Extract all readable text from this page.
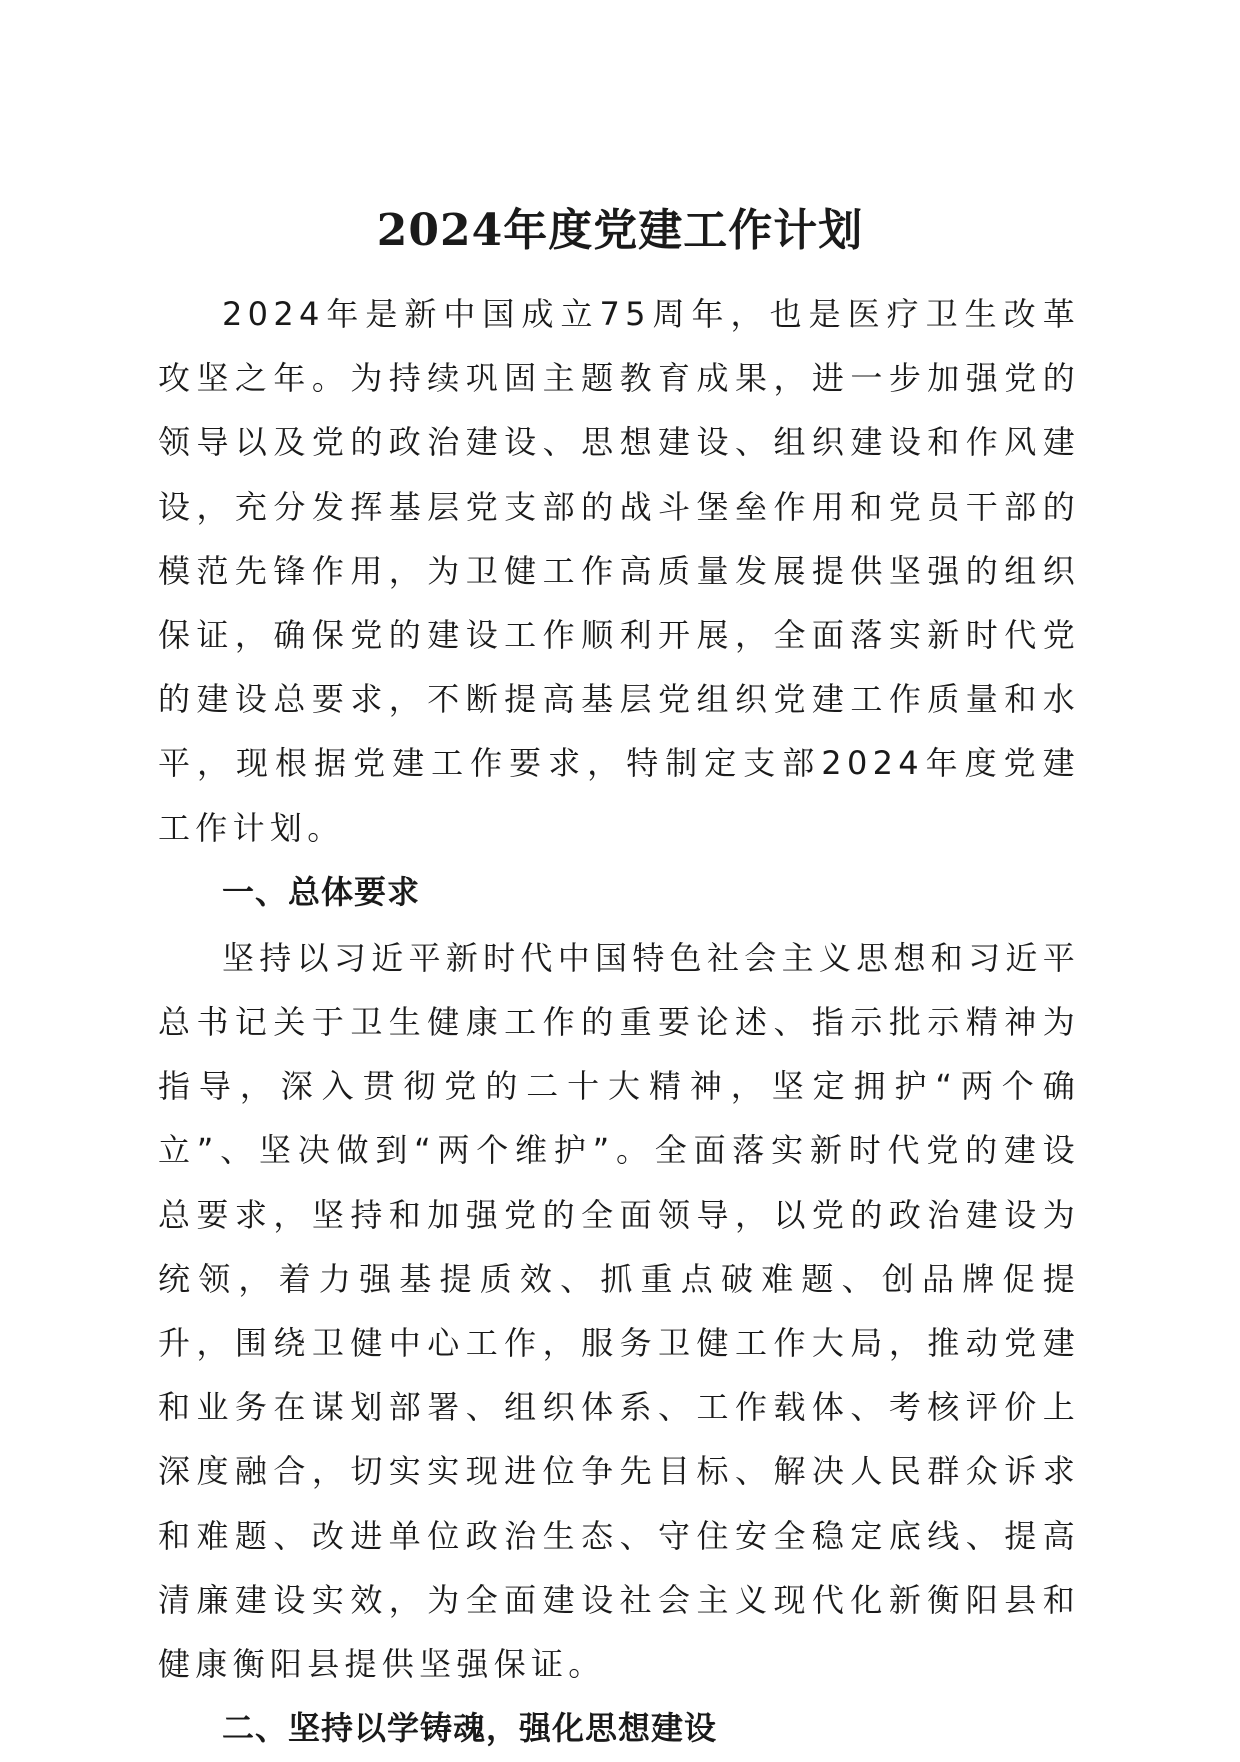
2024年度党建工作计划

2024年是新中国成立75周年，也是医疗卫生改革攻坚之年。为持续巩固主题教育成果，进一步加强党的领导以及党的政治建设、思想建设、组织建设和作风建设，充分发挥基层党支部的战斗堡垒作用和党员干部的模范先锋作用，为卫健工作高质量发展提供坚强的组织保证，确保党的建设工作顺利开展，全面落实新时代党的建设总要求，不断提高基层党组织党建工作质量和水平，现根据党建工作要求，特制定支部2024年度党建工作计划。

一、总体要求

坚持以习近平新时代中国特色社会主义思想和习近平总书记关于卫生健康工作的重要论述、指示批示精神为指导，深入贯彻党的二十大精神，坚定拥护“两个确立”、坚决做到“两个维护”。全面落实新时代党的建设总要求，坚持和加强党的全面领导，以党的政治建设为统领，着力强基提质效、抓重点破难题、创品牌促提升，围绕卫健中心工作，服务卫健工作大局，推动党建和业务在谋划部署、组织体系、工作载体、考核评价上深度融合，切实实现进位争先目标、解决人民群众诉求和难题、改进单位政治生态、守住安全稳定底线、提高清廉建设实效，为全面建设社会主义现代化新衡阳县和健康衡阳县提供坚强保证。

二、坚持以学铸魂，强化思想建设
